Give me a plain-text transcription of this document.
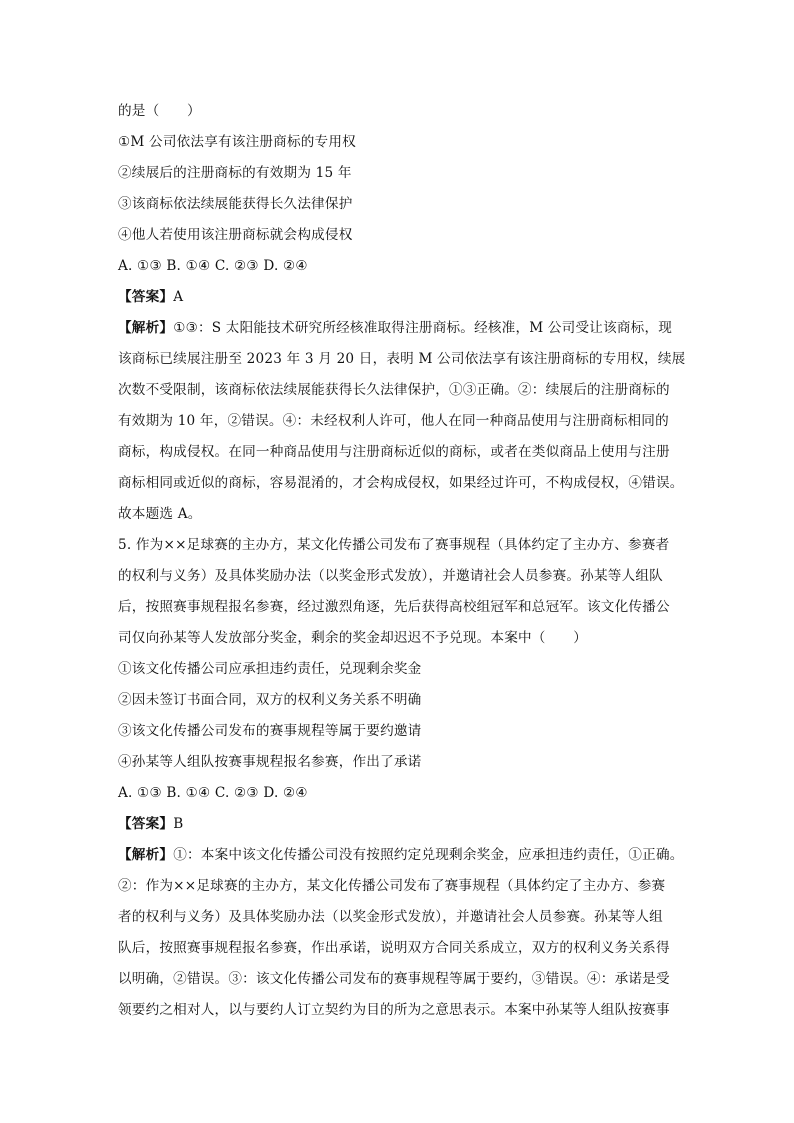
的是（　　）
①M 公司依法享有该注册商标的专用权
②续展后的注册商标的有效期为 15 年
③该商标依法续展能获得长久法律保护
④他人若使用该注册商标就会构成侵权
A. ①③ B. ①④ C. ②③ D. ②④
【答案】A
【解析】①③：S 太阳能技术研究所经核准取得注册商标。经核准，M 公司受让该商标，现
该商标已续展注册至 2023 年 3 月 20 日，表明 M 公司依法享有该注册商标的专用权，续展
次数不受限制，该商标依法续展能获得长久法律保护，①③正确。②：续展后的注册商标的
有效期为 10 年，②错误。④：未经权利人许可，他人在同一种商品使用与注册商标相同的
商标，构成侵权。在同一种商品使用与注册商标近似的商标，或者在类似商品上使用与注册
商标相同或近似的商标，容易混淆的，才会构成侵权，如果经过许可，不构成侵权，④错误。
故本题选 A。
5. 作为××足球赛的主办方，某文化传播公司发布了赛事规程（具体约定了主办方、参赛者
的权利与义务）及具体奖励办法（以奖金形式发放），并邀请社会人员参赛。孙某等人组队
后，按照赛事规程报名参赛，经过激烈角逐，先后获得高校组冠军和总冠军。该文化传播公
司仅向孙某等人发放部分奖金，剩余的奖金却迟迟不予兑现。本案中（　　）
①该文化传播公司应承担违约责任，兑现剩余奖金
②因未签订书面合同，双方的权利义务关系不明确
③该文化传播公司发布的赛事规程等属于要约邀请
④孙某等人组队按赛事规程报名参赛，作出了承诺
A. ①③ B. ①④ C. ②③ D. ②④
【答案】B
【解析】①：本案中该文化传播公司没有按照约定兑现剩余奖金，应承担违约责任，①正确。
②：作为××足球赛的主办方，某文化传播公司发布了赛事规程（具体约定了主办方、参赛
者的权利与义务）及具体奖励办法（以奖金形式发放），并邀请社会人员参赛。孙某等人组
队后，按照赛事规程报名参赛，作出承诺，说明双方合同关系成立，双方的权利义务关系得
以明确，②错误。③：该文化传播公司发布的赛事规程等属于要约，③错误。④：承诺是受
领要约之相对人，以与要约人订立契约为目的所为之意思表示。本案中孙某等人组队按赛事
